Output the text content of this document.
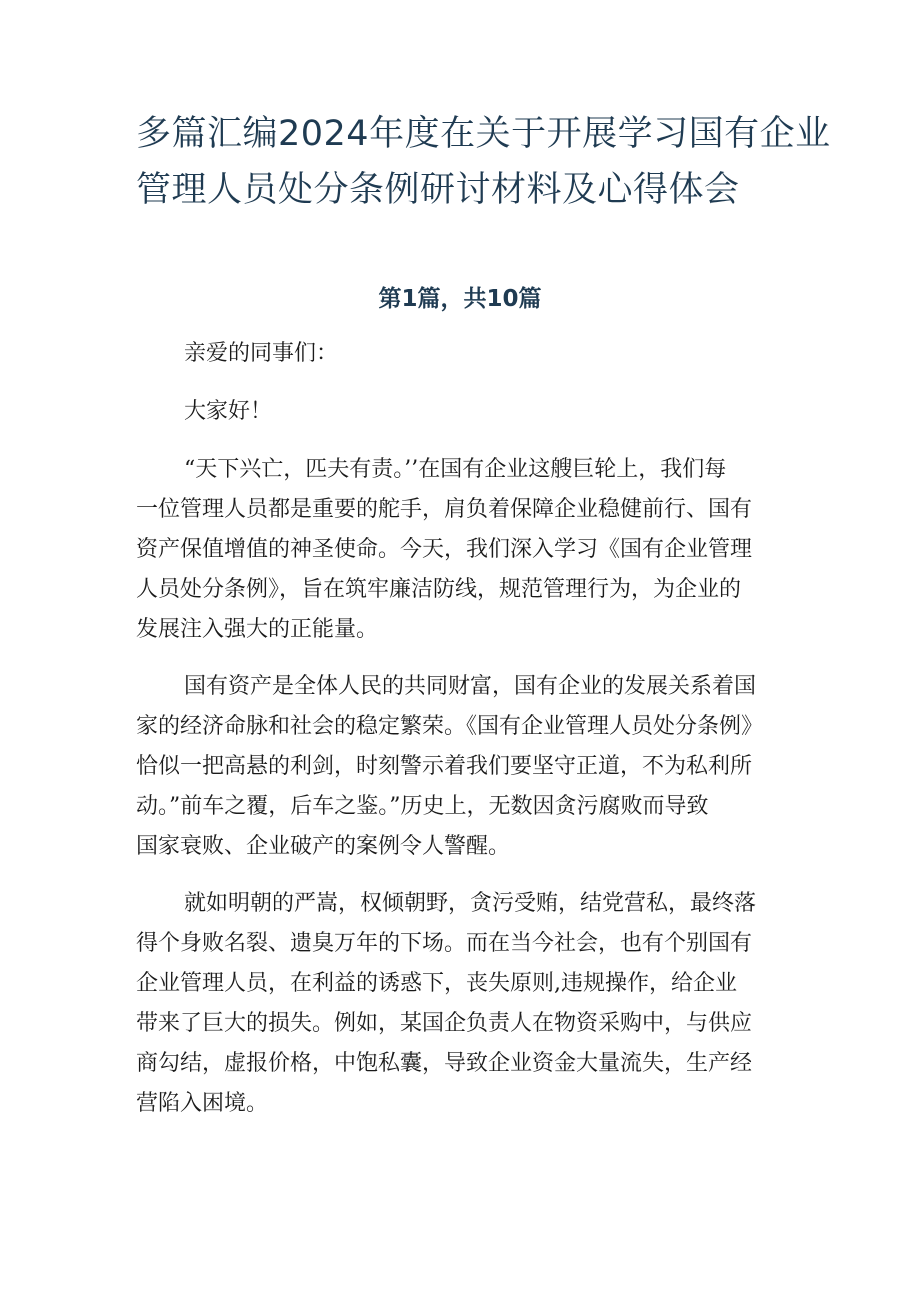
多篇汇编2024年度在关于开展学习国有企业
管理人员处分条例研讨材料及心得体会
第1篇，共10篇

亲爱的同事们：

大家好！

“天下兴亡，匹夫有责。’’在国有企业这艘巨轮上，我们每
一位管理人员都是重要的舵手，肩负着保障企业稳健前行、国有
资产保值增值的神圣使命。今天，我们深入学习《国有企业管理
人员处分条例》，旨在筑牢廉洁防线，规范管理行为，为企业的
发展注入强大的正能量。

国有资产是全体人民的共同财富，国有企业的发展关系着国
家的经济命脉和社会的稳定繁荣。《国有企业管理人员处分条例》
恰似一把高悬的利剑，时刻警示着我们要坚守正道，不为私利所
动。”前车之覆，后车之鉴。”历史上，无数因贪污腐败而导致
国家衰败、企业破产的案例令人警醒。

就如明朝的严嵩，权倾朝野，贪污受贿，结党营私，最终落
得个身败名裂、遗臭万年的下场。而在当今社会，也有个别国有
企业管理人员，在利益的诱惑下，丧失原则,违规操作，给企业
带来了巨大的损失。例如，某国企负责人在物资采购中，与供应
商勾结，虚报价格，中饱私囊，导致企业资金大量流失，生产经
营陷入困境。
